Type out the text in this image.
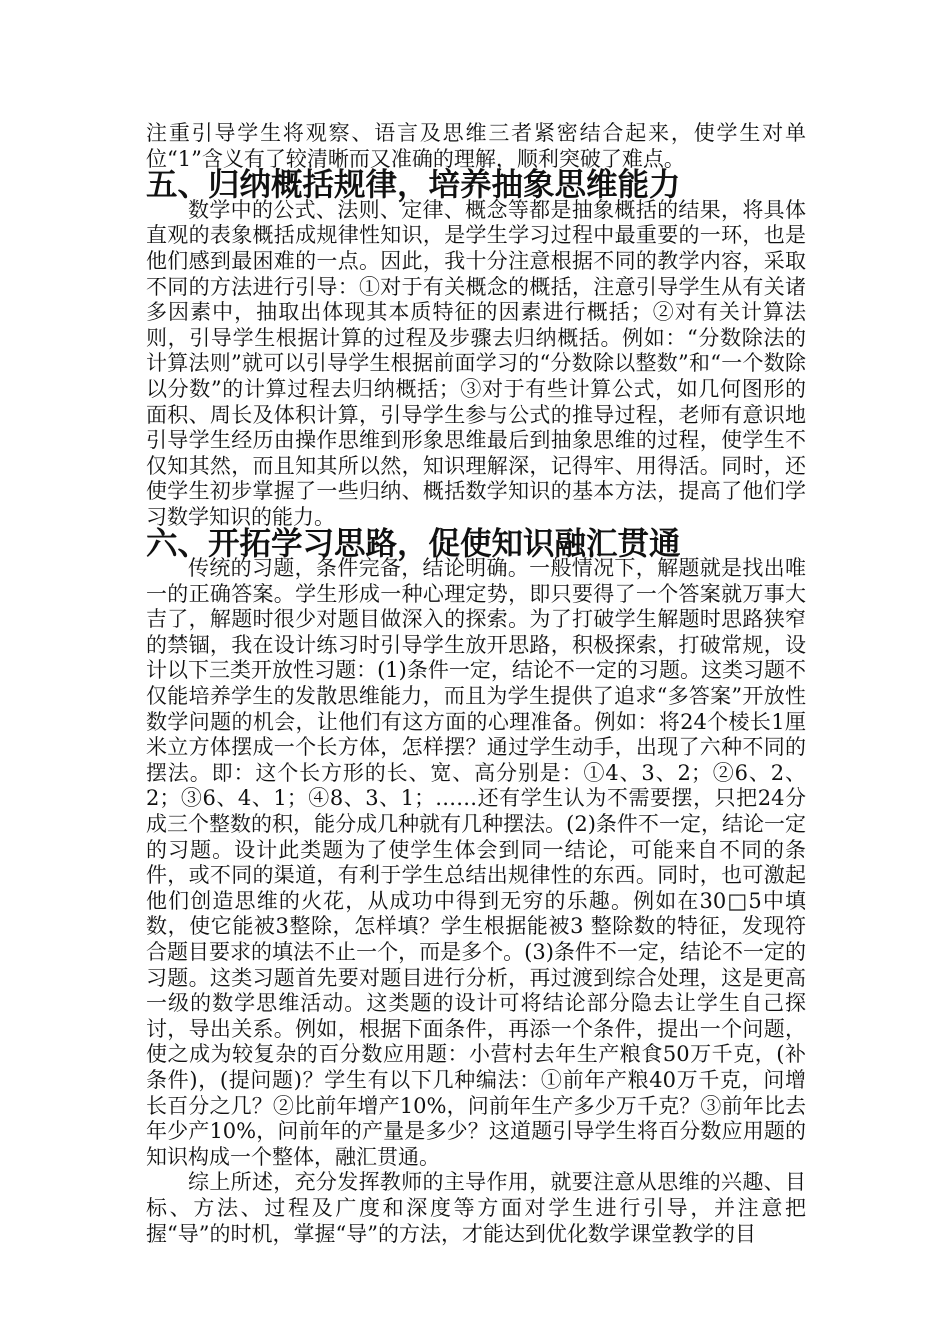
注重引导学生将观察、语言及思维三者紧密结合起来，使学生对单位“1”含义有了较清晰而又准确的理解，顺利突破了难点。

五、
归纳概括规律，培养抽象思维能力

数学中的公式、法则、定律、概念等都是抽象概括的结果，将具体直观的表象概括成规律性知识，是学生学习过程中最重要的一环，也是他们感到最困难的一点。因此，我十分注意根据不同的教学内容，采取不同的方法进行引导：①对于有关概念的概括，注意引导学生从有关诸多因素中，抽取出体现其本质特征的因素进行概括；②对有关计算法则，引导学生根据计算的过程及步骤去归纳概括。例如：“分数除法的计算法则”就可以引导学生根据前面学习的“分数除以整数”和“一个数除以分数”的计算过程去归纳概括；③对于有些计算公式，如几何图形的面积、周长及体积计算，引导学生参与公式的推导过程，老师有意识地引导学生经历由操作思维到形象思维最后到抽象思维的过程，使学生不仅知其然，而且知其所以然，知识理解深，记得牢、用得活。同时，还使学生初步掌握了一些归纳、概括数学知识的基本方法，提高了他们学习数学知识的能力。

六、
开拓学习思路，促使知识融汇贯通

传统的习题，条件完备，结论明确。一般情况下，解题就是找出唯一的正确答案。学生形成一种心理定势，即只要得了一个答案就万事大吉了，解题时很少对题目做深入的探索。为了打破学生解题时思路狭窄的禁锢，我在设计练习时引导学生放开思路，积极探索，打破常规，设计以下三类开放性习题：(1)条件一定，结论不一定的习题。这类习题不仅能培养学生的发散思维能力，而且为学生提供了追求“多答案”开放性数学问题的机会，让他们有这方面的心理准备。例如：将24个棱长1厘米立方体摆成一个长方体，怎样摆？通过学生动手，出现了六种不同的摆法。即：这个长方形的长、宽、高分别是：①4、3、2；②6、2、2；③6、4、1；④8、3、1；……还有学生认为不需要摆，只把24分成三个整数的积，能分成几种就有几种摆法。(2)条件不一定，结论一定的习题。设计此类题为了使学生体会到同一结论，可能来自不同的条件，或不同的渠道，有利于学生总结出规律性的东西。同时，也可激起他们创造思维的火花，从成功中得到无穷的乐趣。例如在30□5中填数，使它能被3整除，怎样填？学生根据能被3 整除数的特征，发现符合题目要求的填法不止一个，而是多个。(3)条件不一定，结论不一定的习题。这类习题首先要对题目进行分析，再过渡到综合处理，这是更高一级的数学思维活动。这类题的设计可将结论部分隐去让学生自己探讨，导出关系。例如，根据下面条件，再添一个条件，提出一个问题，使之成为较复杂的百分数应用题：小营村去年生产粮食50万千克，(补条件)，(提问题)？学生有以下几种编法：①前年产粮40万千克，问增长百分之几？②比前年增产10%，问前年生产多少万千克？③前年比去年少产10%，问前年的产量是多少？这道题引导学生将百分数应用题的知识构成一个整体，融汇贯通。

综上所述，充分发挥教师的主导作用，就要注意从思维的兴趣、目标、方法、过程及广度和深度等方面对学生进行引导，并注意把握“导”的时机，掌握“导”的方法，才能达到优化数学课堂教学的目
